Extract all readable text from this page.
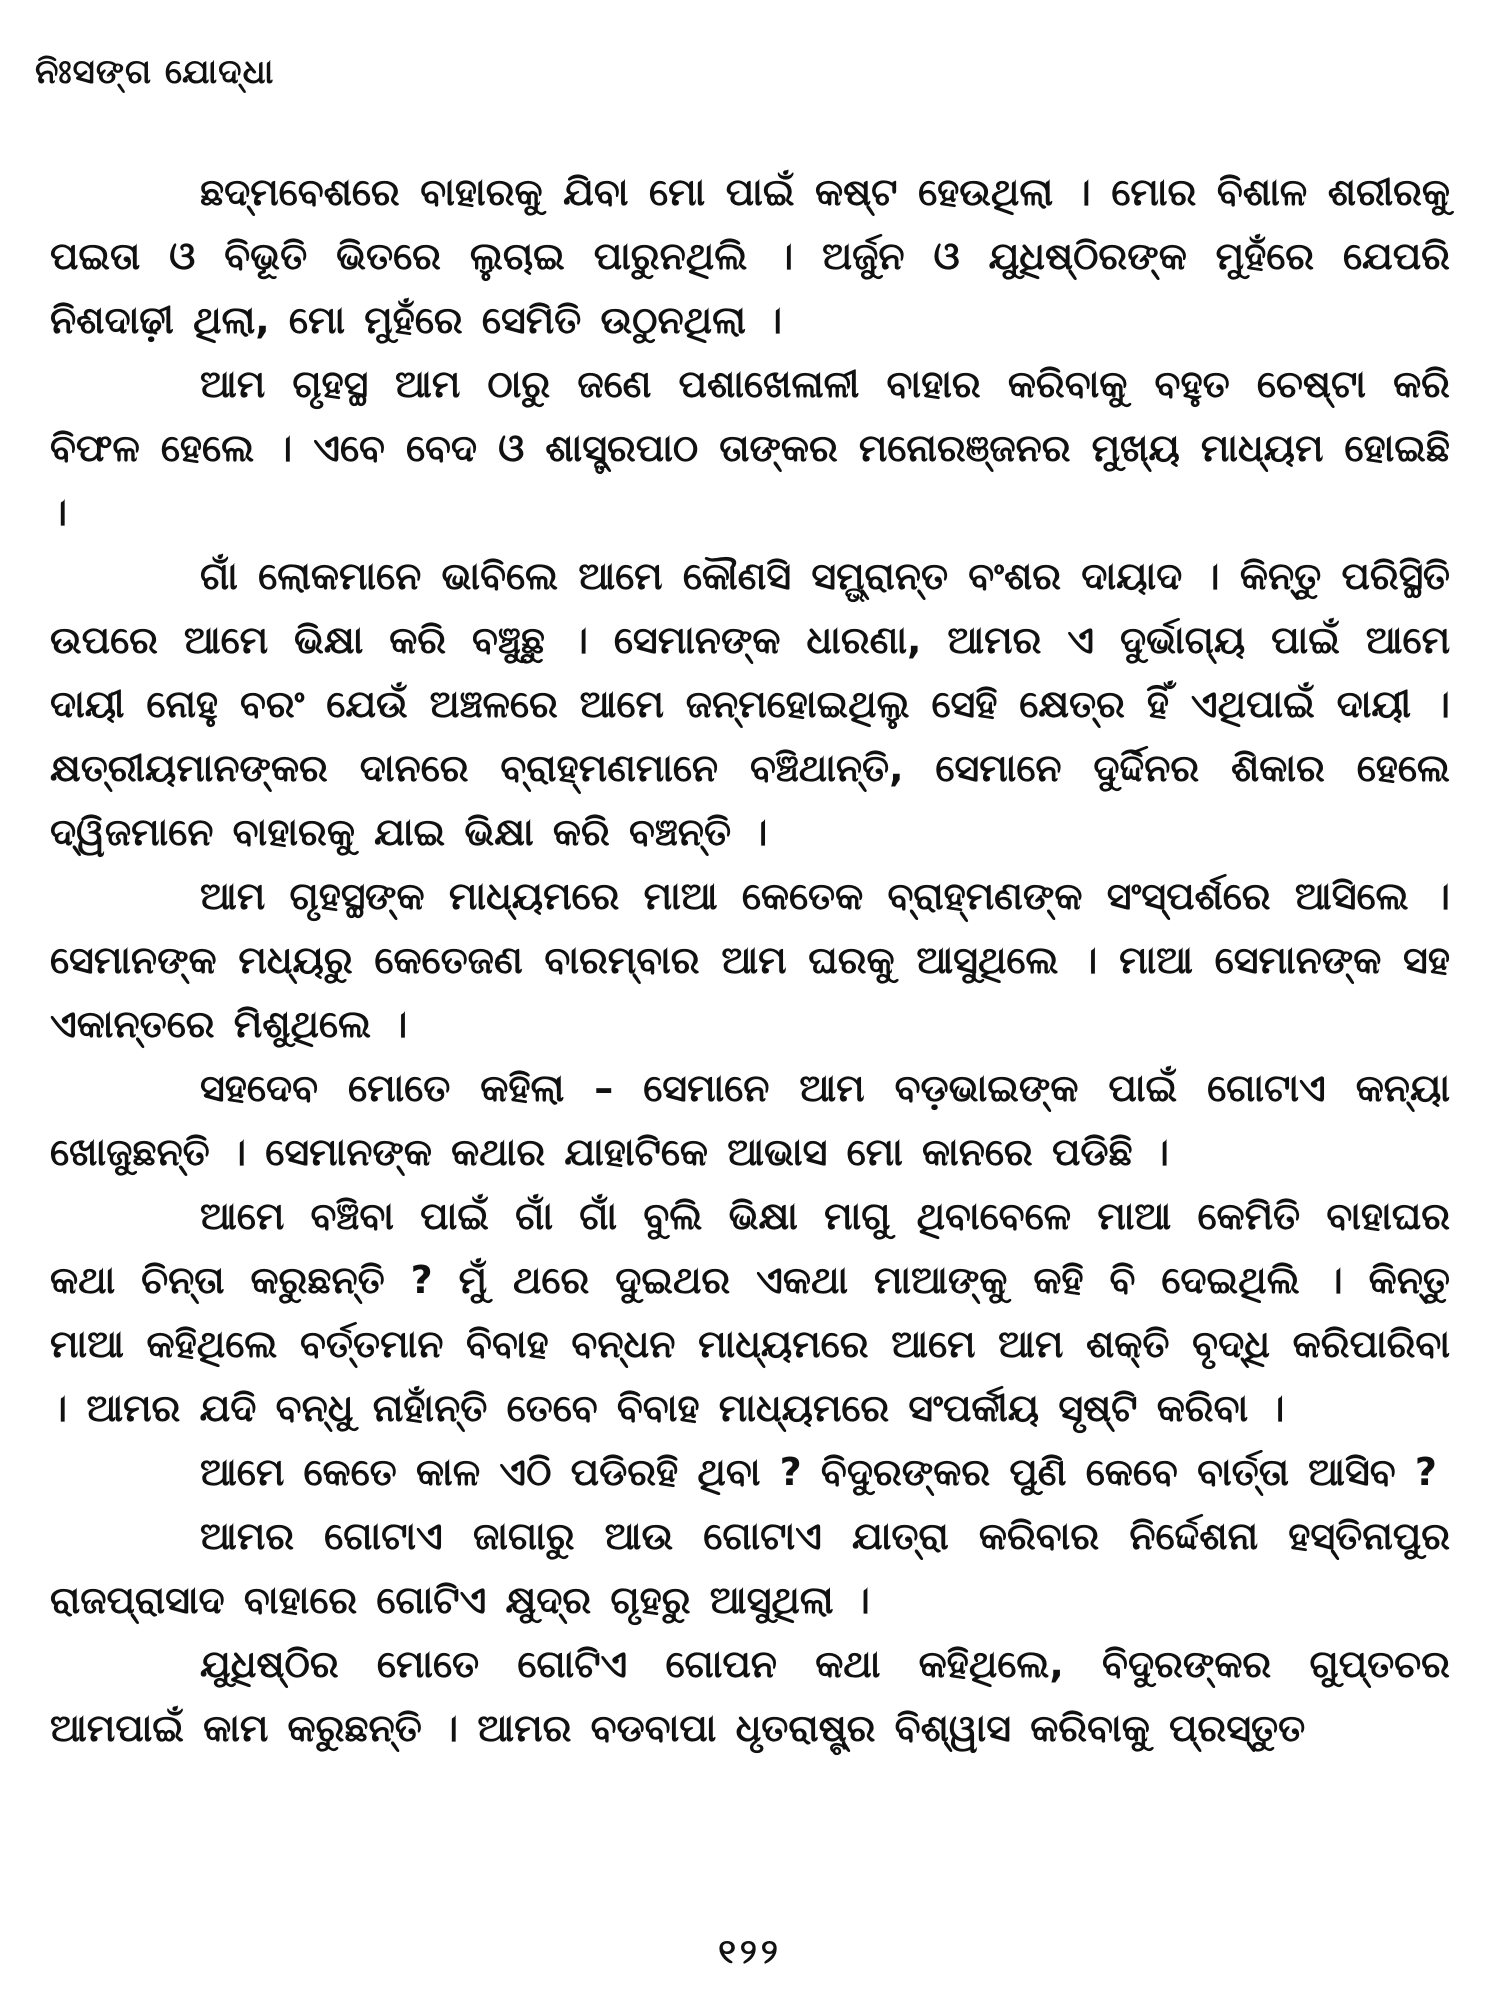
ନିଃସଙ୍ଗ ଯୋଦ୍ଧା

ଛଦ୍ମବେଶରେ ବାହାରକୁ ଯିବା ମୋ ପାଇଁ କଷ୍ଟ ହେଉଥିଲା । ମୋର ବିଶାଳ ଶରୀରକୁ ପଇତା ଓ ବିଭୂତି ଭିତରେ ଲୁଚାଇ ପାରୁନଥିଲି । ଅର୍ଜୁନ ଓ ଯୁଧିଷ୍ଠିରଙ୍କ ମୁହଁରେ ଯେପରି ନିଶଦାଢ଼ୀ ଥିଲା, ମୋ ମୁହଁରେ ସେମିତି ଉଠୁନଥିଲା ।

ଆମ ଗୃହସ୍ଥ ଆମ ଠାରୁ ଜଣେ ପଶାଖେଳାଳୀ ବାହାର କରିବାକୁ ବହୁତ ଚେଷ୍ଟା କରି ବିଫଳ ହେଲେ । ଏବେ ବେଦ ଓ ଶାସ୍ତ୍ରପାଠ ତାଙ୍କର ମନୋରଞ୍ଜନର ମୁଖ୍ୟ ମାଧ୍ୟମ ହୋଇଛି ।

ଗାଁ ଲୋକମାନେ ଭାବିଲେ ଆମେ କୌଣସି ସମ୍ଭ୍ରାନ୍ତ ବଂଶର ଦାୟାଦ । କିନ୍ତୁ ପରିସ୍ଥିତି ଉପରେ ଆମେ ଭିକ୍ଷା କରି ବଞ୍ଚୁଛୁ । ସେମାନଙ୍କ ଧାରଣା, ଆମର ଏ ଦୁର୍ଭାଗ୍ୟ ପାଇଁ ଆମେ ଦାୟୀ ନୋହୁ ବରଂ ଯେଉଁ ଅଞ୍ଚଳରେ ଆମେ ଜନ୍ମହୋଇଥିଲୁ ସେହି କ୍ଷେତ୍ର ହିଁ ଏଥିପାଇଁ ଦାୟୀ । କ୍ଷତ୍ରୀୟମାନଙ୍କର ଦାନରେ ବ୍ରାହ୍ମଣମାନେ ବଞ୍ଚିଥାନ୍ତି, ସେମାନେ ଦୁର୍ଦ୍ଦିନର ଶିକାର ହେଲେ ଦ୍ୱିଜମାନେ ବାହାରକୁ ଯାଇ ଭିକ୍ଷା କରି ବଞ୍ଚନ୍ତି ।

ଆମ ଗୃହସ୍ଥଙ୍କ ମାଧ୍ୟମରେ ମାଆ କେତେକ ବ୍ରାହ୍ମଣଙ୍କ ସଂସ୍ପର୍ଶରେ ଆସିଲେ । ସେମାନଙ୍କ ମଧ୍ୟରୁ କେତେଜଣ ବାରମ୍ବାର ଆମ ଘରକୁ ଆସୁଥିଲେ । ମାଆ ସେମାନଙ୍କ ସହ ଏକାନ୍ତରେ ମିଶୁଥିଲେ ।

ସହଦେବ ମୋତେ କହିଲା – ସେମାନେ ଆମ ବଡ଼ଭାଇଙ୍କ ପାଇଁ ଗୋଟାଏ କନ୍ୟା ଖୋଜୁଛନ୍ତି । ସେମାନଙ୍କ କଥାର ଯାହାଟିକେ ଆଭାସ ମୋ କାନରେ ପଡିଛି ।

ଆମେ ବଞ୍ଚିବା ପାଇଁ ଗାଁ ଗାଁ ବୁଲି ଭିକ୍ଷା ମାଗୁ ଥିବାବେଳେ ମାଆ କେମିତି ବାହାଘର କଥା ଚିନ୍ତା କରୁଛନ୍ତି ? ମୁଁ ଥରେ ଦୁଇଥର ଏକଥା ମାଆଙ୍କୁ କହି ବି ଦେଇଥିଲି । କିନ୍ତୁ ମାଆ କହିଥିଲେ ବର୍ତ୍ତମାନ ବିବାହ ବନ୍ଧନ ମାଧ୍ୟମରେ ଆମେ ଆମ ଶକ୍ତି ବୃଦ୍ଧି କରିପାରିବା । ଆମର ଯଦି ବନ୍ଧୁ ନାହାଁନ୍ତି ତେବେ ବିବାହ ମାଧ୍ୟମରେ ସଂପର୍କୀୟ ସୃଷ୍ଟି କରିବା ।

ଆମେ କେତେ କାଳ ଏଠି ପଡିରହି ଥିବା ? ବିଦୁରଙ୍କର ପୁଣି କେବେ ବାର୍ତ୍ତା ଆସିବ ?

ଆମର ଗୋଟାଏ ଜାଗାରୁ ଆଉ ଗୋଟାଏ ଯାତ୍ରା କରିବାର ନିର୍ଦ୍ଦେଶନା ହସ୍ତିନାପୁର ରାଜପ୍ରାସାଦ ବାହାରେ ଗୋଟିଏ କ୍ଷୁଦ୍ର ଗୃହରୁ ଆସୁଥିଲା ।

ଯୁଧିଷ୍ଠିର ମୋତେ ଗୋଟିଏ ଗୋପନ କଥା କହିଥିଲେ, ବିଦୁରଙ୍କର ଗୁପ୍ତଚର ଆମପାଇଁ କାମ କରୁଛନ୍ତି । ଆମର ବଡବାପା ଧୃତରାଷ୍ଟ୍ର ବିଶ୍ୱାସ କରିବାକୁ ପ୍ରସ୍ତୁତ

୧୨୨
